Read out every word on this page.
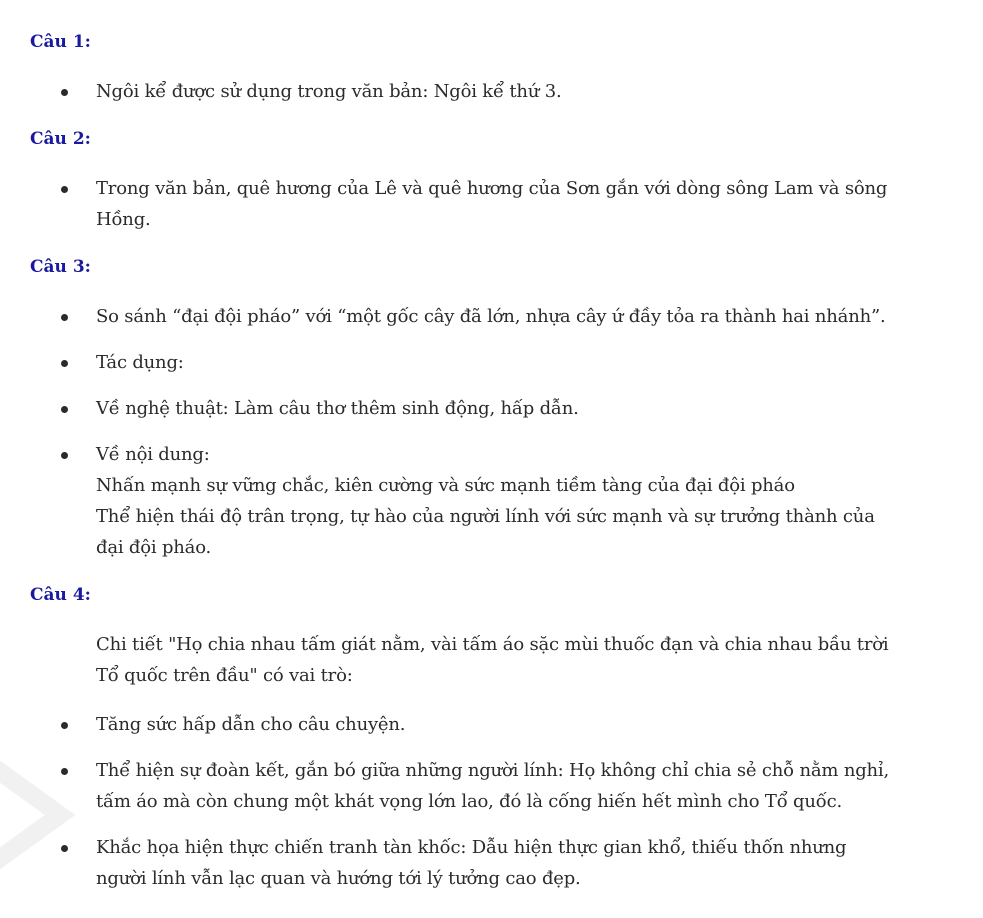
Câu 1:
Ngôi kể được sử dụng trong văn bản: Ngôi kể thứ 3.
Câu 2:
Trong văn bản, quê hương của Lê và quê hương của Sơn gắn với dòng sông Lam và sông
Hồng.
Câu 3:
So sánh “đại đội pháo” với “một gốc cây đã lớn, nhựa cây ứ đầy tỏa ra thành hai nhánh”.
Tác dụng:
Về nghệ thuật: Làm câu thơ thêm sinh động, hấp dẫn.
Về nội dung:
Nhấn mạnh sự vững chắc, kiên cường và sức mạnh tiềm tàng của đại đội pháo
Thể hiện thái độ trân trọng, tự hào của người lính với sức mạnh và sự trưởng thành của
đại đội pháo.
Câu 4:

Chi tiết "Họ chia nhau tấm giát nằm, vài tấm áo sặc mùi thuốc đạn và chia nhau bầu trời
Tổ quốc trên đầu" có vai trò:

Tăng sức hấp dẫn cho câu chuyện.
Thể hiện sự đoàn kết, gắn bó giữa những người lính: Họ không chỉ chia sẻ chỗ nằm nghỉ,
tấm áo mà còn chung một khát vọng lớn lao, đó là cống hiến hết mình cho Tổ quốc.
Khắc họa hiện thực chiến tranh tàn khốc: Dẫu hiện thực gian khổ, thiếu thốn nhưng
người lính vẫn lạc quan và hướng tới lý tưởng cao đẹp.
